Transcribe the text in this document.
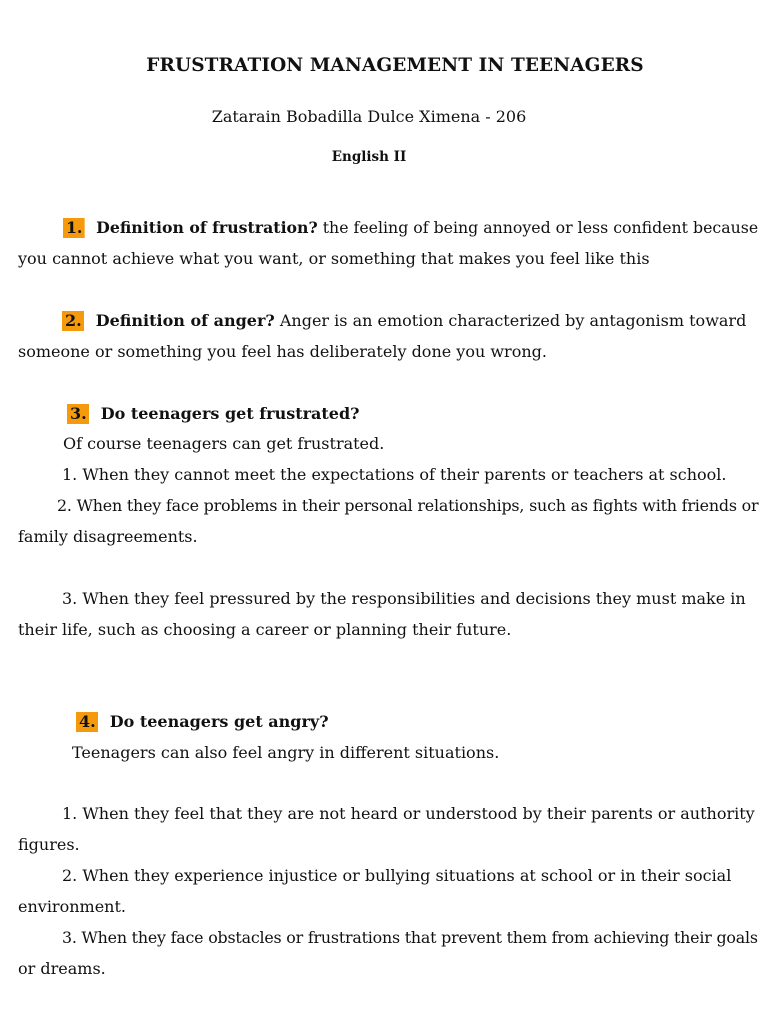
FRUSTRATION MANAGEMENT IN TEENAGERS
Zatarain Bobadilla Dulce Ximena - 206
English II
1. Definition of frustration? the feeling of being annoyed or less confident because
you cannot achieve what you want, or something that makes you feel like this
2. Definition of anger? Anger is an emotion characterized by antagonism toward
someone or something you feel has deliberately done you wrong.
3. Do teenagers get frustrated?
Of course teenagers can get frustrated.
1. When they cannot meet the expectations of their parents or teachers at school.
2. When they face problems in their personal relationships, such as fights with friends or
family disagreements.
3. When they feel pressured by the responsibilities and decisions they must make in
their life, such as choosing a career or planning their future.
4. Do teenagers get angry?
Teenagers can also feel angry in different situations.
1. When they feel that they are not heard or understood by their parents or authority
figures.
2. When they experience injustice or bullying situations at school or in their social
environment.
3. When they face obstacles or frustrations that prevent them from achieving their goals
or dreams.
